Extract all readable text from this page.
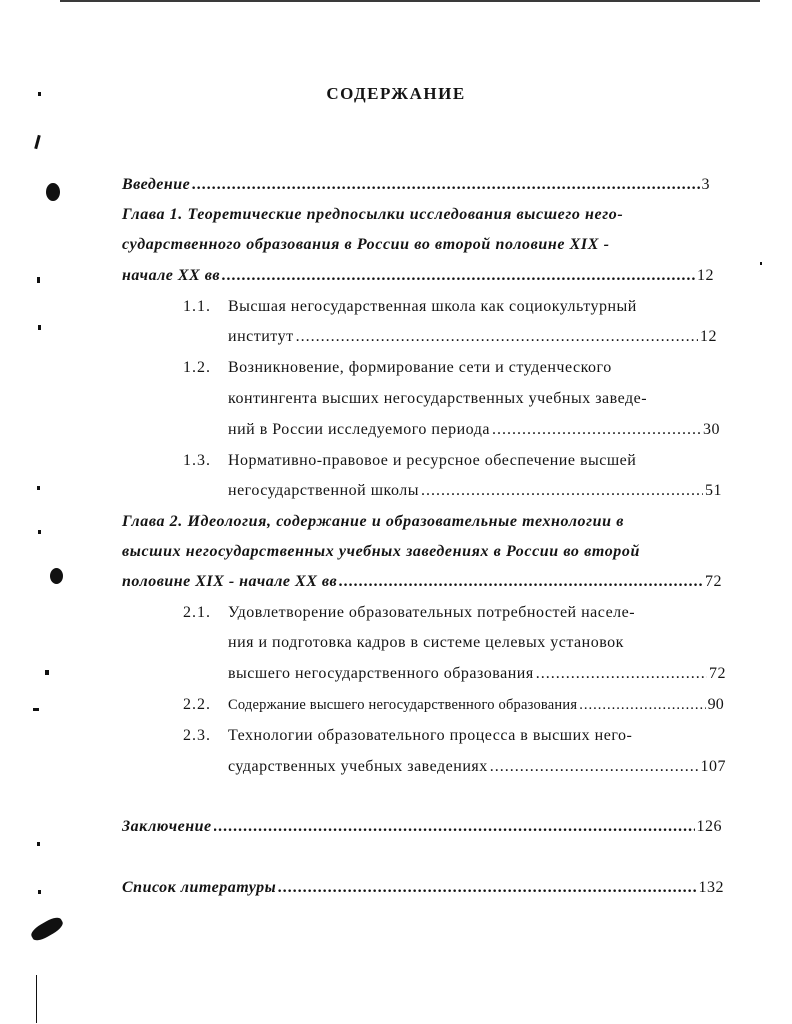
СОДЕРЖАНИЕ
Введение .....	3
Глава 1. Теоретические предпосылки исследования высшего него-
сударственного образования в России во второй половине XIX -
начале XX вв .....	12
1.1. Высшая негосударственная школа как социокультурный
институт .....	12
1.2. Возникновение, формирование сети и студенческого
контингента высших негосударственных учебных заведе-
ний в России исследуемого периода .....	30
1.3. Нормативно-правовое и ресурсное обеспечение высшей
негосударственной школы .....	51
Глава 2. Идеология, содержание и образовательные технологии в
высших негосударственных учебных заведениях в России во второй
половине XIX - начале XX вв .....	72
2.1. Удовлетворение образовательных потребностей населе-
ния и подготовка кадров в системе целевых установок
высшего негосударственного образования .....	72
2.2. Содержание высшего негосударственного образования .....	90
2.3. Технологии образовательного процесса в высших него-
сударственных учебных заведениях .....	107
Заключение .....	126
Список литературы .....	132
